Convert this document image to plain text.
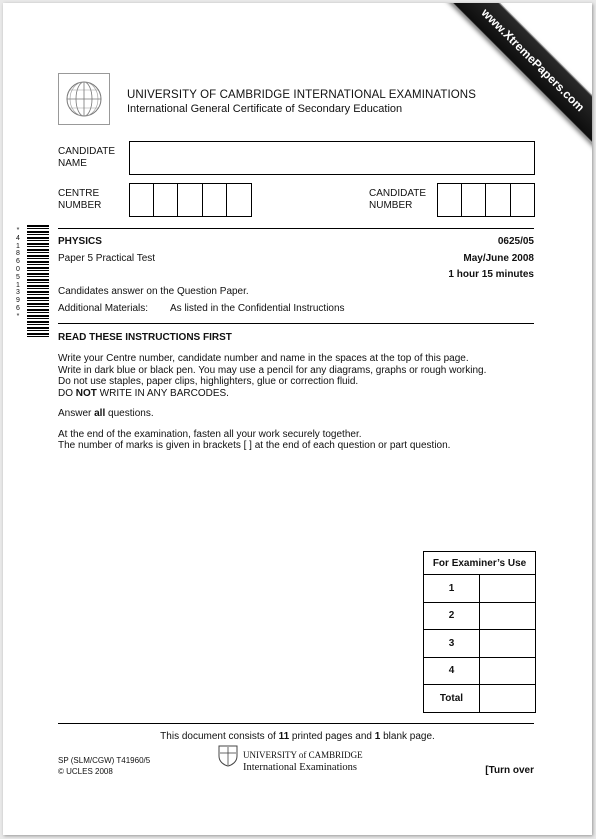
www.XtremePapers.com
UNIVERSITY OF CAMBRIDGE INTERNATIONAL EXAMINATIONS
International General Certificate of Secondary Education
CANDIDATE
NAME
CENTRE
NUMBER
CANDIDATE
NUMBER
*
4
1
8
6
0
5
1
3
9
6
*
PHYSICS	0625/05
Paper 5 Practical Test	May/June 2008
1 hour 15 minutes
Candidates answer on the Question Paper.
Additional Materials: As listed in the Confidential Instructions
READ THESE INSTRUCTIONS FIRST

Write your Centre number, candidate number and name in the spaces at the top of this page.
Write in dark blue or black pen. You may use a pencil for any diagrams, graphs or rough working.
Do not use staples, paper clips, highlighters, glue or correction fluid.
DO NOT WRITE IN ANY BARCODES.

Answer all questions.

At the end of the examination, fasten all your work securely together.
The number of marks is given in brackets [ ] at the end of each question or part question.

For Examiner’s Use	
1	
2	
3	
4	
Total	
This document consists of 11 printed pages and 1 blank page.
SP (SLM/CGW) T41960/5
© UCLES 2008
UNIVERSITY of CAMBRIDGE
International Examinations	[Turn over
